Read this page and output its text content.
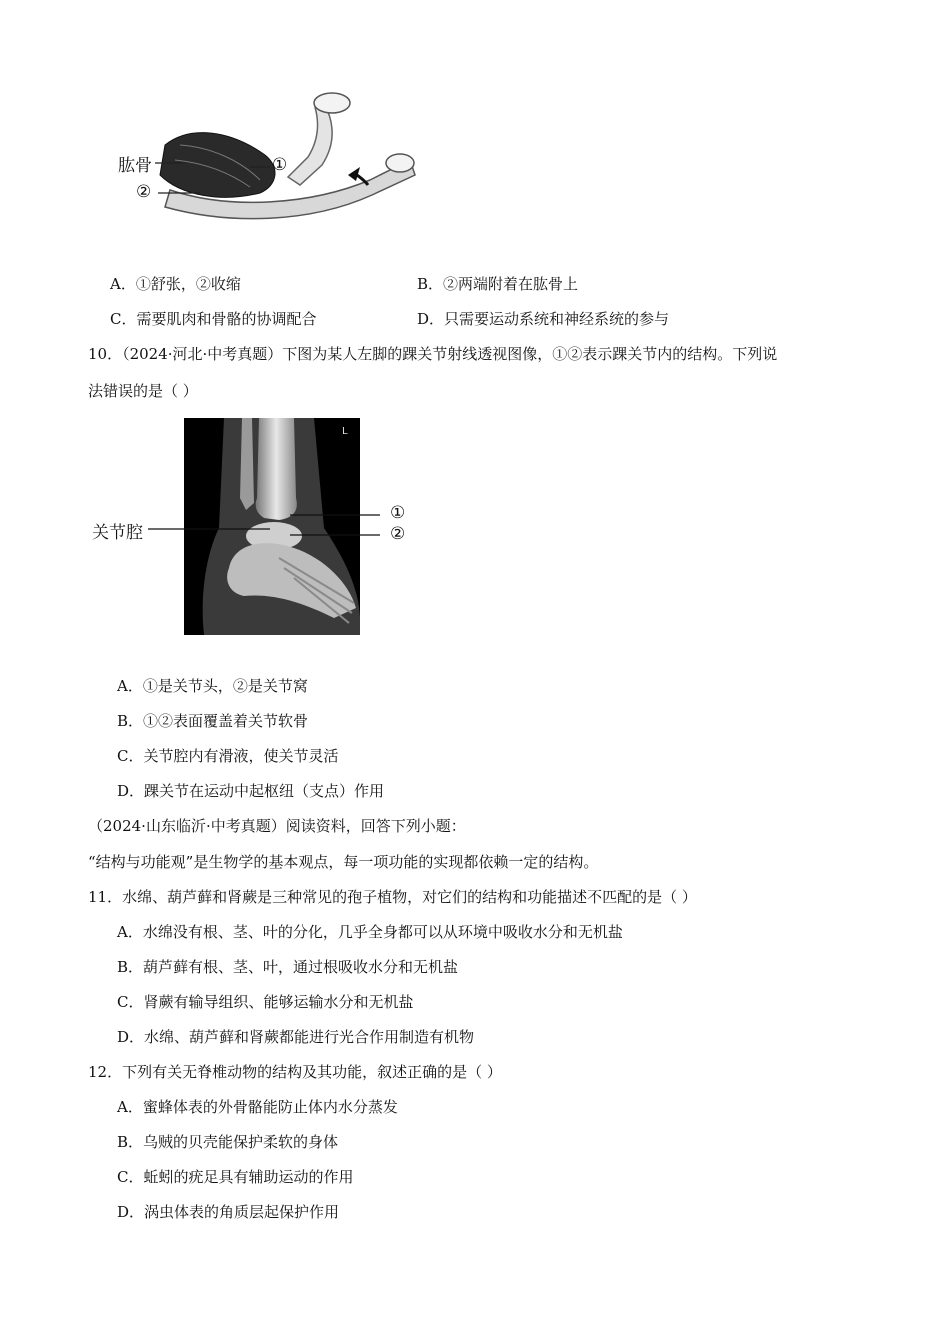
肱骨	①
②
A．①舒张，②收缩	B．②两端附着在肱骨上
C．需要肌肉和骨骼的协调配合	D．只需要运动系统和神经系统的参与
10．（2024·河北·中考真题）下图为某人左脚的踝关节射线透视图像，①②表示踝关节内的结构。下列说
法错误的是（ ）
L
关节腔
①
②
A．①是关节头，②是关节窝
B．①②表面覆盖着关节软骨
C．关节腔内有滑液，使关节灵活
D．踝关节在运动中起枢纽（支点）作用
（2024·山东临沂·中考真题）阅读资料，回答下列小题：
“结构与功能观”是生物学的基本观点，每一项功能的实现都依赖一定的结构。
11．水绵、葫芦藓和肾蕨是三种常见的孢子植物，对它们的结构和功能描述不匹配的是（ ）
A．水绵没有根、茎、叶的分化，几乎全身都可以从环境中吸收水分和无机盐
B．葫芦藓有根、茎、叶，通过根吸收水分和无机盐
C．肾蕨有输导组织、能够运输水分和无机盐
D．水绵、葫芦藓和肾蕨都能进行光合作用制造有机物
12．下列有关无脊椎动物的结构及其功能，叙述正确的是（ ）
A．蜜蜂体表的外骨骼能防止体内水分蒸发
B．乌贼的贝壳能保护柔软的身体
C．蚯蚓的疣足具有辅助运动的作用
D．涡虫体表的角质层起保护作用
